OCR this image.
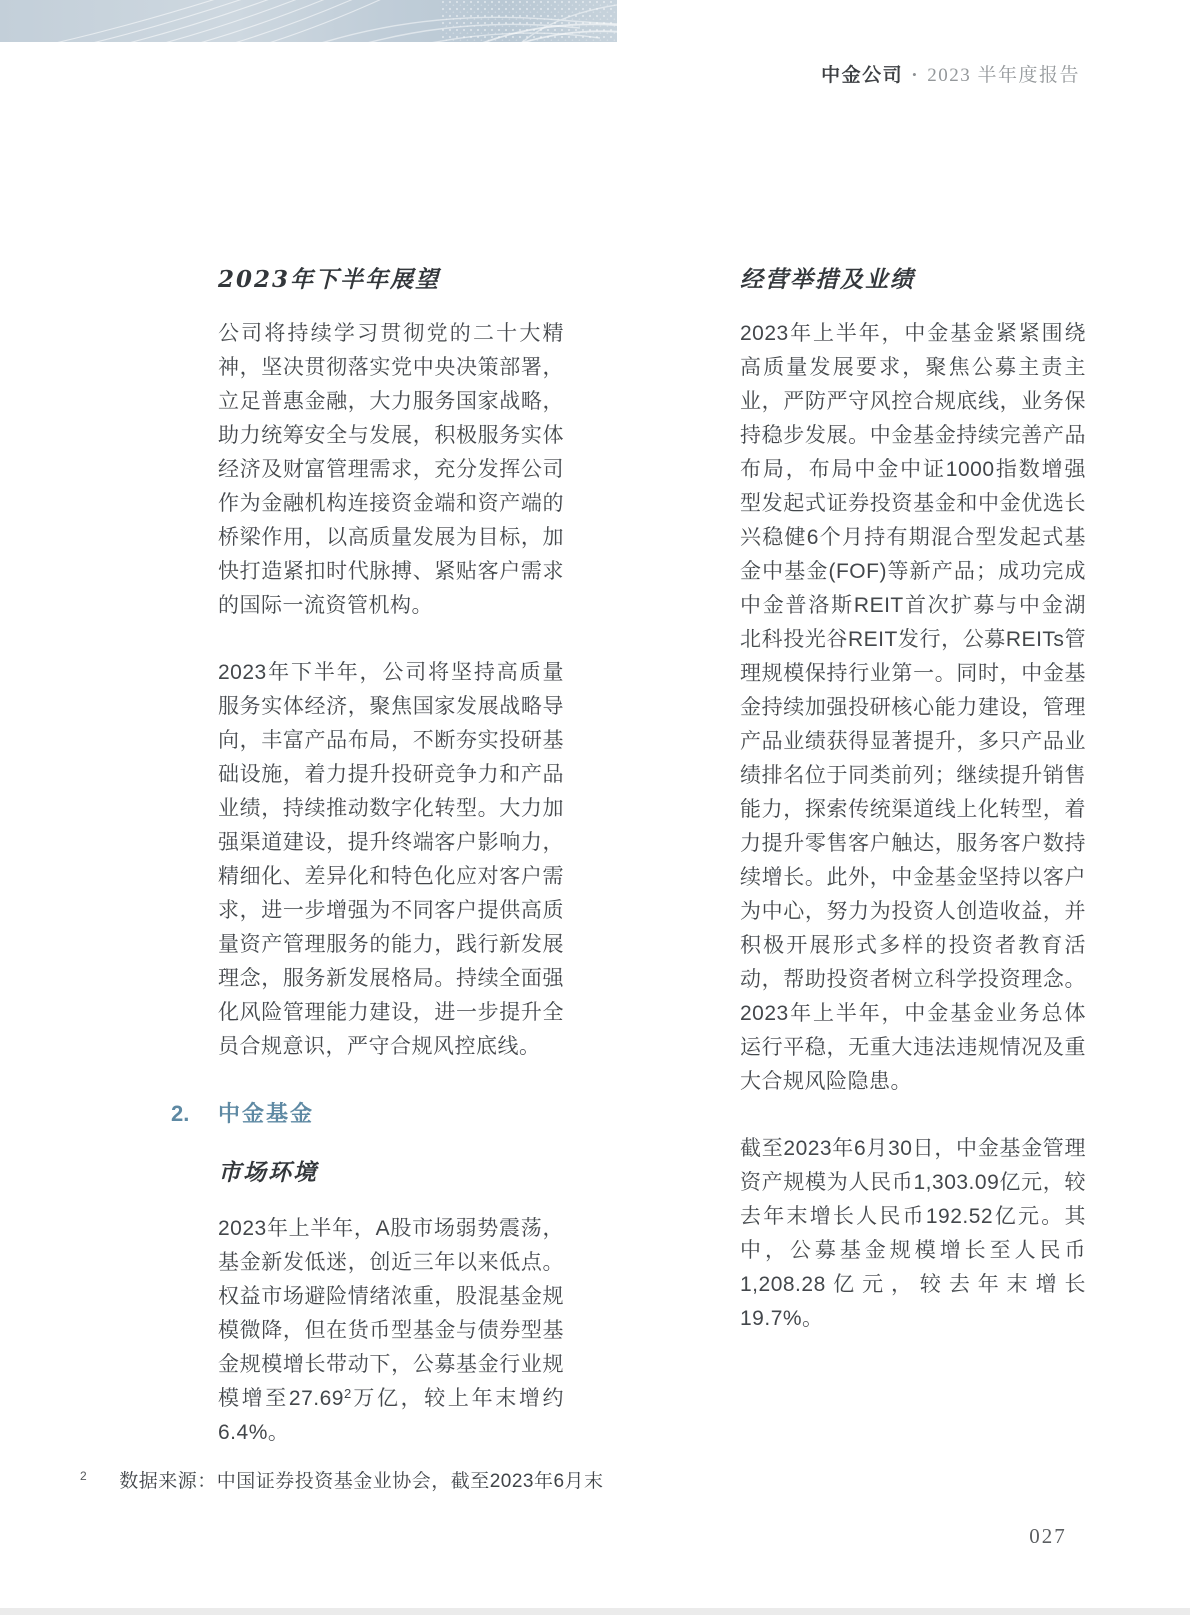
中金公司 • 2023 半年度报告
2023年下半年展望

公司将持续学习贯彻党的二十大精神，坚决贯彻落实党中央决策部署，立足普惠金融，大力服务国家战略，助力统筹安全与发展，积极服务实体经济及财富管理需求，充分发挥公司作为金融机构连接资金端和资产端的桥梁作用，以高质量发展为目标，加快打造紧扣时代脉搏、紧贴客户需求的国际一流资管机构。

2023年下半年，公司将坚持高质量服务实体经济，聚焦国家发展战略导向，丰富产品布局，不断夯实投研基础设施，着力提升投研竞争力和产品业绩，持续推动数字化转型。大力加强渠道建设，提升终端客户影响力，精细化、差异化和特色化应对客户需求，进一步增强为不同客户提供高质量资产管理服务的能力，践行新发展理念，服务新发展格局。持续全面强化风险管理能力建设，进一步提升全员合规意识，严守合规风控底线。

2. 中金基金
市场环境

2023年上半年，A股市场弱势震荡，基金新发低迷，创近三年以来低点。权益市场避险情绪浓重，股混基金规模微降，但在货币型基金与债券型基金规模增长带动下，公募基金行业规模增至27.69$^2$万亿，较上年末增约6.4%。

经营举措及业绩

2023年上半年，中金基金紧紧围绕高质量发展要求，聚焦公募主责主业，严防严守风控合规底线，业务保持稳步发展。中金基金持续完善产品布局，布局中金中证1000指数增强型发起式证券投资基金和中金优选长兴稳健6个月持有期混合型发起式基金中基金(FOF)等新产品；成功完成中金普洛斯REIT首次扩募与中金湖北科投光谷REIT发行，公募REITs管理规模保持行业第一。同时，中金基金持续加强投研核心能力建设，管理产品业绩获得显著提升，多只产品业绩排名位于同类前列；继续提升销售能力，探索传统渠道线上化转型，着力提升零售客户触达，服务客户数持续增长。此外，中金基金坚持以客户为中心，努力为投资人创造收益，并积极开展形式多样的投资者教育活动，帮助投资者树立科学投资理念。2023年上半年，中金基金业务总体运行平稳，无重大违法违规情况及重大合规风险隐患。

截至2023年6月30日，中金基金管理资产规模为人民币1,303.09亿元，较去年末增长人民币192.52亿元。其中，公募基金规模增长至人民币1,208.28亿元，较去年末增长19.7%。

$^2$ 数据来源：中国证券投资基金业协会，截至2023年6月末
027
